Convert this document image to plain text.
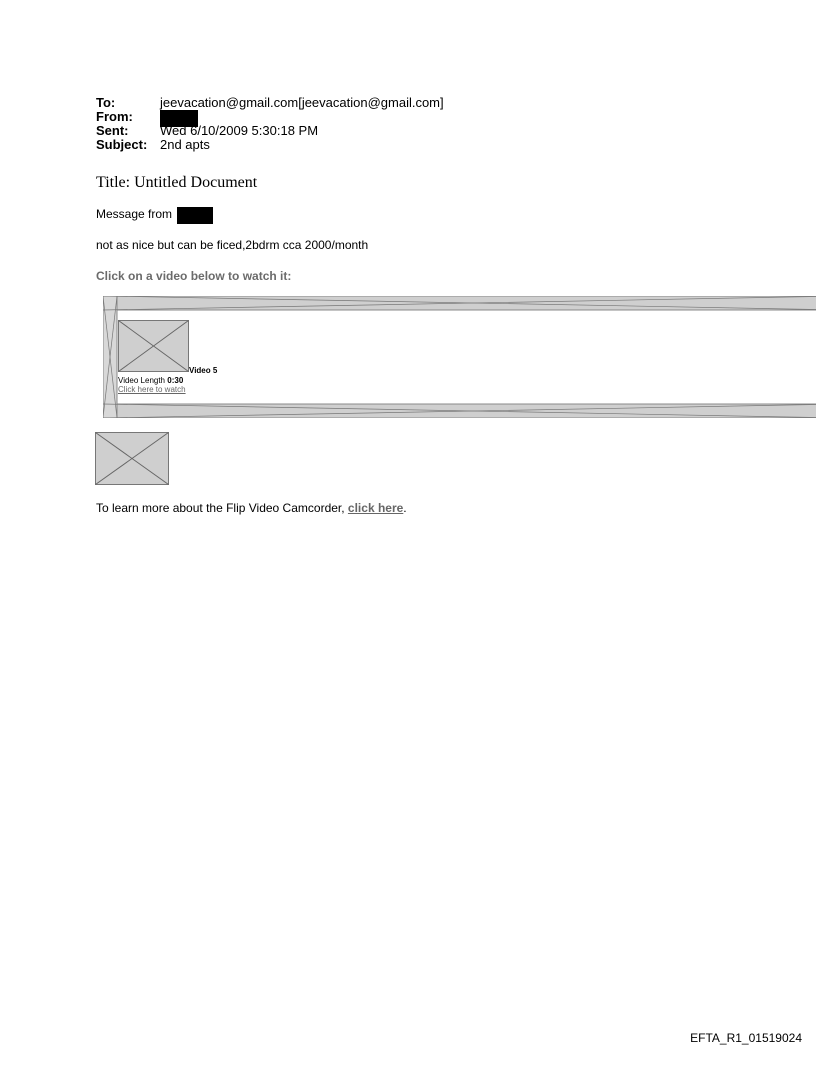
To:	jeevacation@gmail.com[jeevacation@gmail.com]
From:
Sent:	Wed 6/10/2009 5:30:18 PM
Subject: 2nd apts
Title: Untitled Document
Message from
not as nice but can be ficed,2bdrm cca 2000/month
Click on a video below to watch it:
Video 5
Video Length 0:30
Click here to watch
To learn more about the Flip Video Camcorder, click here.
EFTA_R1_01519024
